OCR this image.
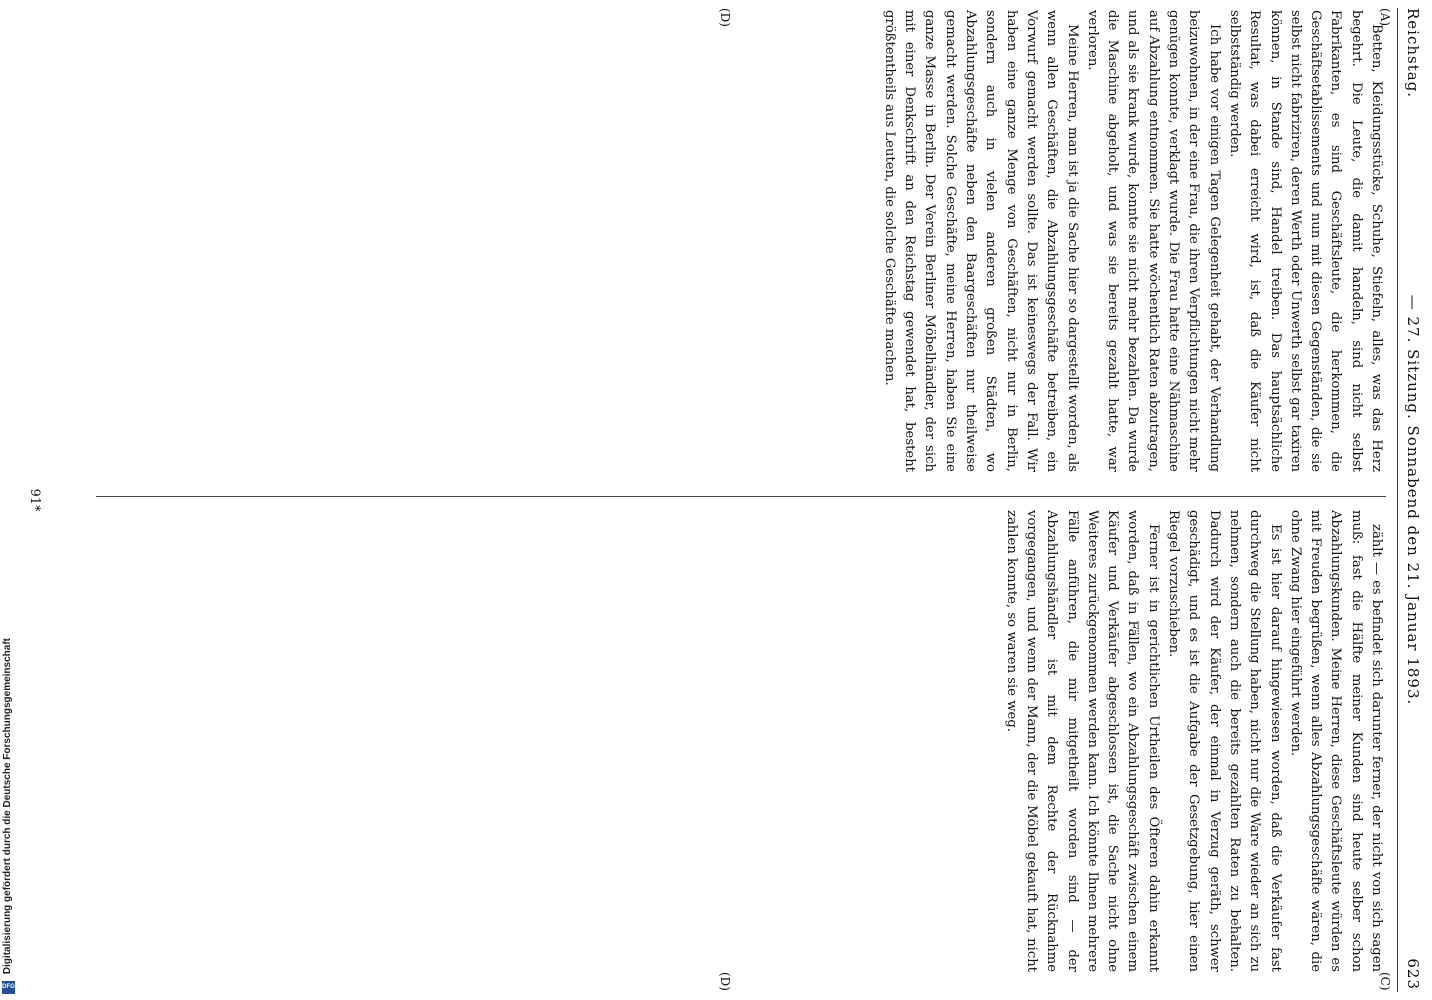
Reichstag.
— 27. Sitzung. Sonnabend den 21. Januar 1893.
623
(A)
(C)
(D)
(D)

Betten, Kleidungsstücke, Schuhe, Stiefeln, alles, was das Herz begehrt. Die Leute, die damit handeln, sind nicht selbst Fabrikanten, es sind Geschäftsleute, die herkommen, die Geschäftsetablissements und nun mit diesen Gegenständen, die sie selbst nicht fabriziren, deren Werth oder Unwerth selbst gar taxiren können, in Stande sind, Handel treiben. Das hauptsächliche Resultat, was dabei erreicht wird, ist, daß die Käufer nicht selbstständig werden.

Ich habe vor einigen Tagen Gelegenheit gehabt, der Verhandlung beizuwohnen, in der eine Frau, die ihren Verpflichtungen nicht mehr genügen konnte, verklagt wurde. Die Frau hatte eine Nähmaschine auf Abzahlung entnommen. Sie hatte wöchentlich Raten abzutragen, und als sie krank wurde, konnte sie nicht mehr bezahlen. Da wurde die Maschine abgeholt, und was sie bereits gezahlt hatte, war verloren.

Meine Herren, man ist ja die Sache hier so dargestellt worden, als wenn allen Geschäften, die Abzahlungsgeschäfte betreiben, ein Vorwurf gemacht werden sollte. Das ist keineswegs der Fall. Wir haben eine ganze Menge von Geschäften, nicht nur in Berlin, sondern auch in vielen anderen großen Städten, wo Abzahlungsgeschäfte neben den Baargeschäften nur theilweise gemacht werden. Solche Geschäfte, meine Herren, haben Sie eine ganze Masse in Berlin. Der Verein Berliner Möbelhändler, der sich mit einer Denkschrift an den Reichstag gewendet hat, besteht größtentheils aus Leuten, die solche Geschäfte machen.

zählt — es befindet sich darunter ferner, der nicht von sich sagen muß: fast die Hälfte meiner Kunden sind heute selber schon Abzahlungskunden. Meine Herren, diese Geschäftsleute würden es mit Freuden begrüßen, wenn alles Abzahlungsgeschäfte wären, die ohne Zwang hier eingeführt werden.

Es ist hier darauf hingewiesen worden, daß die Verkäufer fast durchweg die Stellung haben, nicht nur die Ware wieder an sich zu nehmen, sondern auch die bereits gezahlten Raten zu behalten. Dadurch wird der Käufer, der einmal in Verzug geräth, schwer geschädigt, und es ist die Aufgabe der Gesetzgebung, hier einen Riegel vorzuschieben.

Ferner ist in gerichtlichen Urtheilen des Öfteren dahin erkannt worden, daß in Fällen, wo ein Abzahlungsgeschäft zwischen einem Käufer und Verkäufer abgeschlossen ist, die Sache nicht ohne Weiteres zurückgenommen werden kann. Ich könnte Ihnen mehrere Fälle anführen, die mir mitgetheilt worden sind — der Abzahlungshändler ist mit dem Rechte der Rücknahme vorgegangen, und wenn der Mann, der die Möbel gekauft hat, nicht zahlen konnte, so waren sie weg.

91*
Digitalisierung gefördert durch die Deutsche Forschungsgemeinschaft
DFG
